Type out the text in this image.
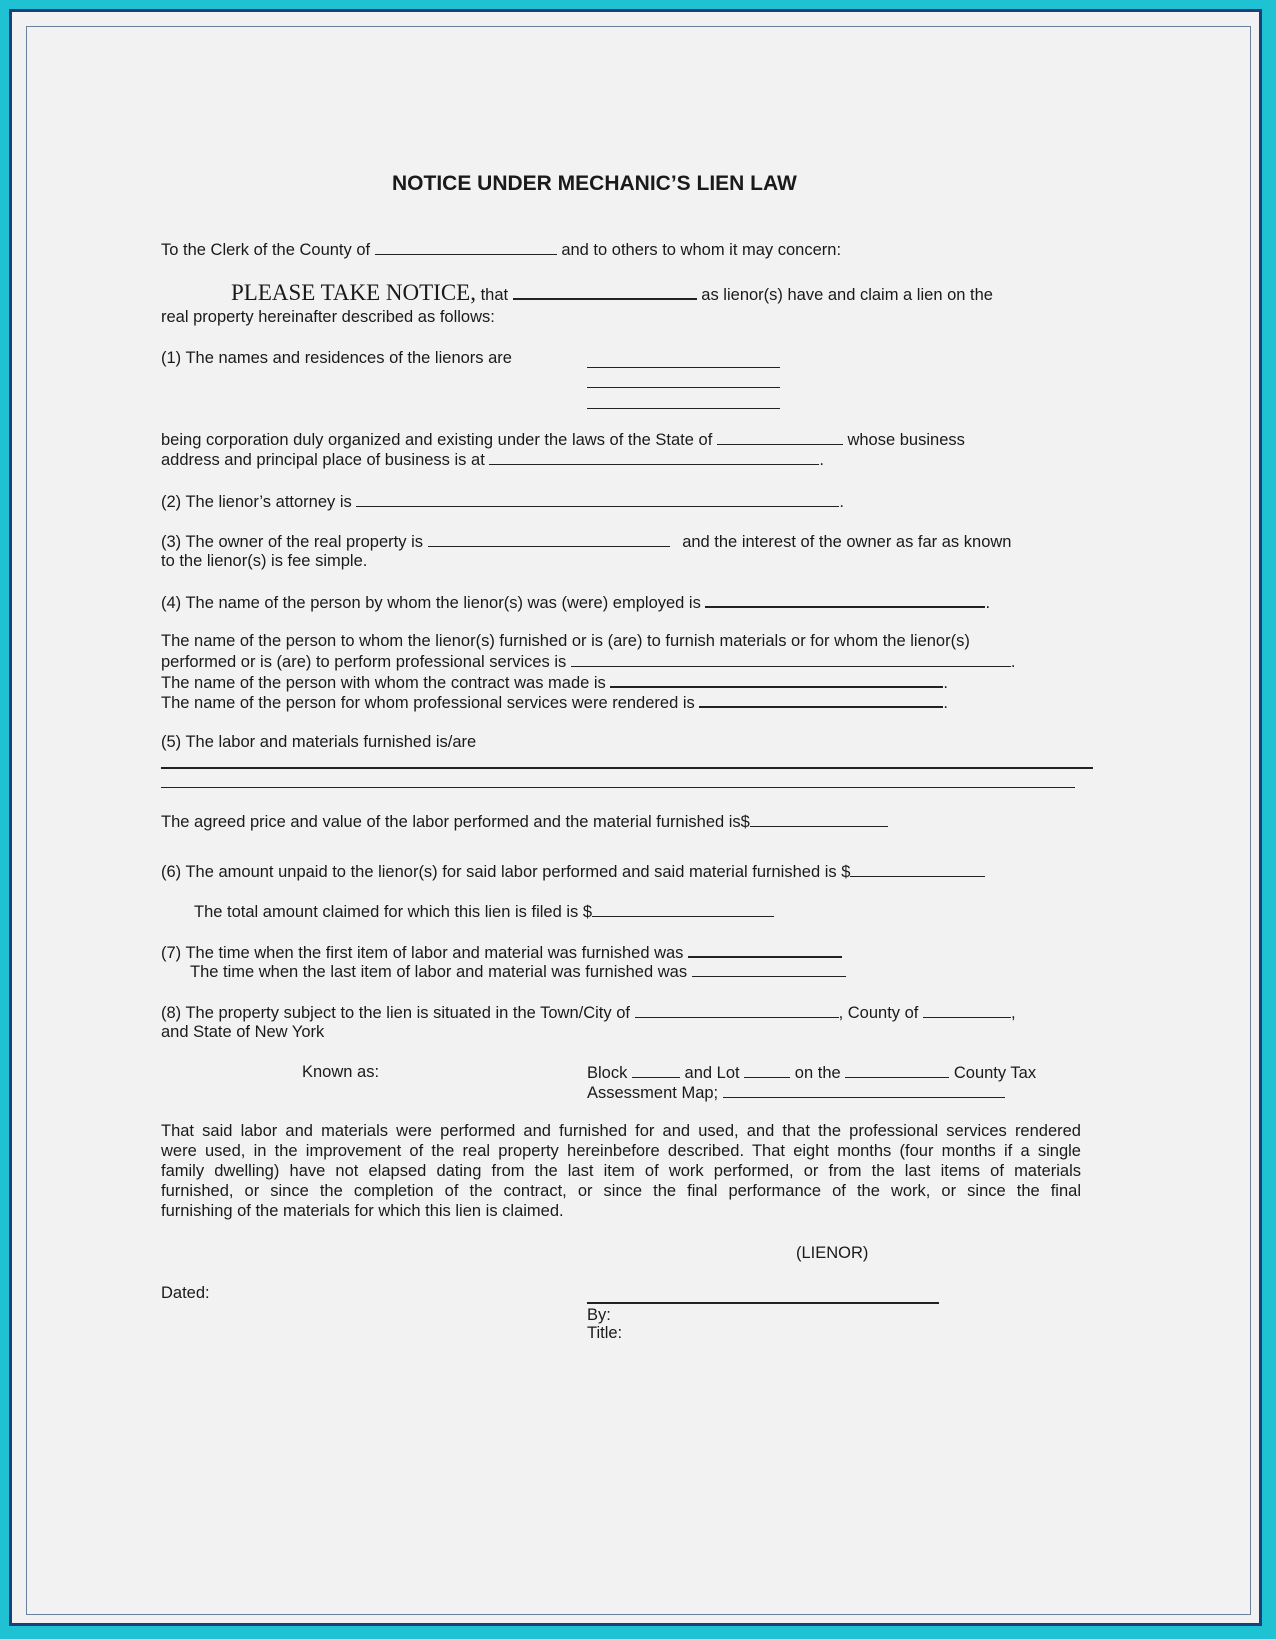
NOTICE UNDER MECHANIC’S LIEN LAW
To the Clerk of the County of	and to others to whom it may concern:
PLEASE TAKE NOTICE, that	as lienor(s) have and claim a lien on the
real property hereinafter described as follows:
(1) The names and residences of the lienors are
being corporation duly organized and existing under the laws of the State of	whose business
address and principal place of business is at	.
(2) The lienor’s attorney is	.
(3) The owner of the real property is	and the interest of the owner as far as known
to the lienor(s) is fee simple.
(4) The name of the person by whom the lienor(s) was (were) employed is	.
The name of the person to whom the lienor(s) furnished or is (are) to furnish materials or for whom the lienor(s)
performed or is (are) to perform professional services is	.
The name of the person with whom the contract was made is	.
The name of the person for whom professional services were rendered is	.
(5) The labor and materials furnished is/are
The agreed price and value of the labor performed and the material furnished is$
(6) The amount unpaid to the lienor(s) for said labor performed and said material furnished is $
The total amount claimed for which this lien is filed is $
(7) The time when the first item of labor and material was furnished was
The time when the last item of labor and material was furnished was
(8) The property subject to the lien is situated in the Town/City of	, County of	,
and State of New York
Known as:	Block	and Lot	on the	County Tax
Assessment Map;
That said labor and materials were performed and furnished for and used, and that the professional services rendered
were used, in the improvement of the real property hereinbefore described. That eight months (four months if a single
family dwelling) have not elapsed dating from the last item of work performed, or from the last items of materials
furnished, or since the completion of the contract, or since the final performance of the work, or since the final
furnishing of the materials for which this lien is claimed.
(LIENOR)
Dated:
By:
Title:
